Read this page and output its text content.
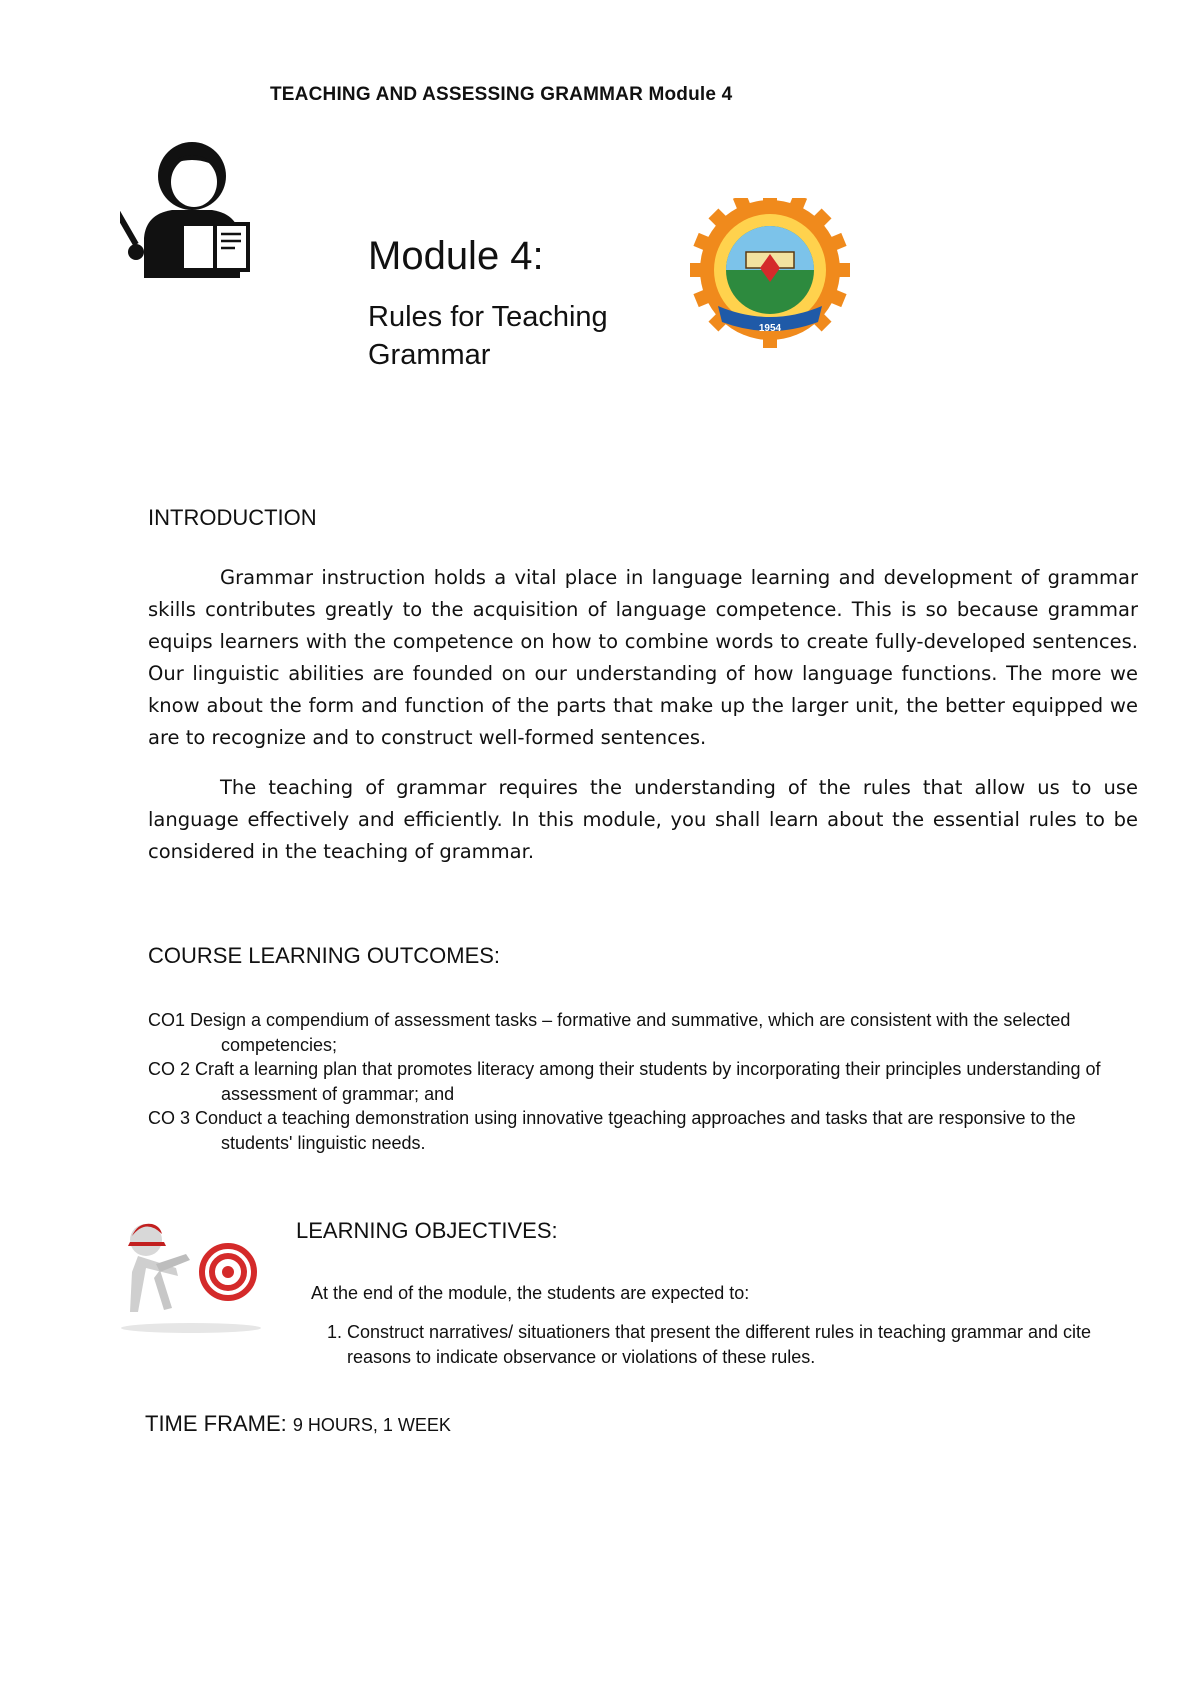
TEACHING AND ASSESSING GRAMMAR Module 4
Module 4:
Rules for Teaching Grammar
1954
INTRODUCTION

Grammar instruction holds a vital place in language learning and development of grammar skills contributes greatly to the acquisition of language competence. This is so because grammar equips learners with the competence on how to combine words to create fully-developed sentences. Our linguistic abilities are founded on our understanding of how language functions. The more we know about the form and function of the parts that make up the larger unit, the better equipped we are to recognize and to construct well-formed sentences.

The teaching of grammar requires the understanding of the rules that allow us to use language effectively and efficiently. In this module, you shall learn about the essential rules to be considered in the teaching of grammar.

COURSE LEARNING OUTCOMES:
CO1 Design a compendium of assessment tasks – formative and summative, which are consistent with the selected competencies;
CO 2 Craft a learning plan that promotes literacy among their students by incorporating their principles understanding of assessment of grammar; and
CO 3 Conduct a teaching demonstration using innovative tgeaching approaches and tasks that are responsive to the students' linguistic needs.
LEARNING OBJECTIVES:
At the end of the module, the students are expected to:
1. Construct narratives/ situationers that present the different rules in teaching grammar and cite reasons to indicate observance or violations of these rules.
TIME FRAME: 9 HOURS, 1 WEEK
